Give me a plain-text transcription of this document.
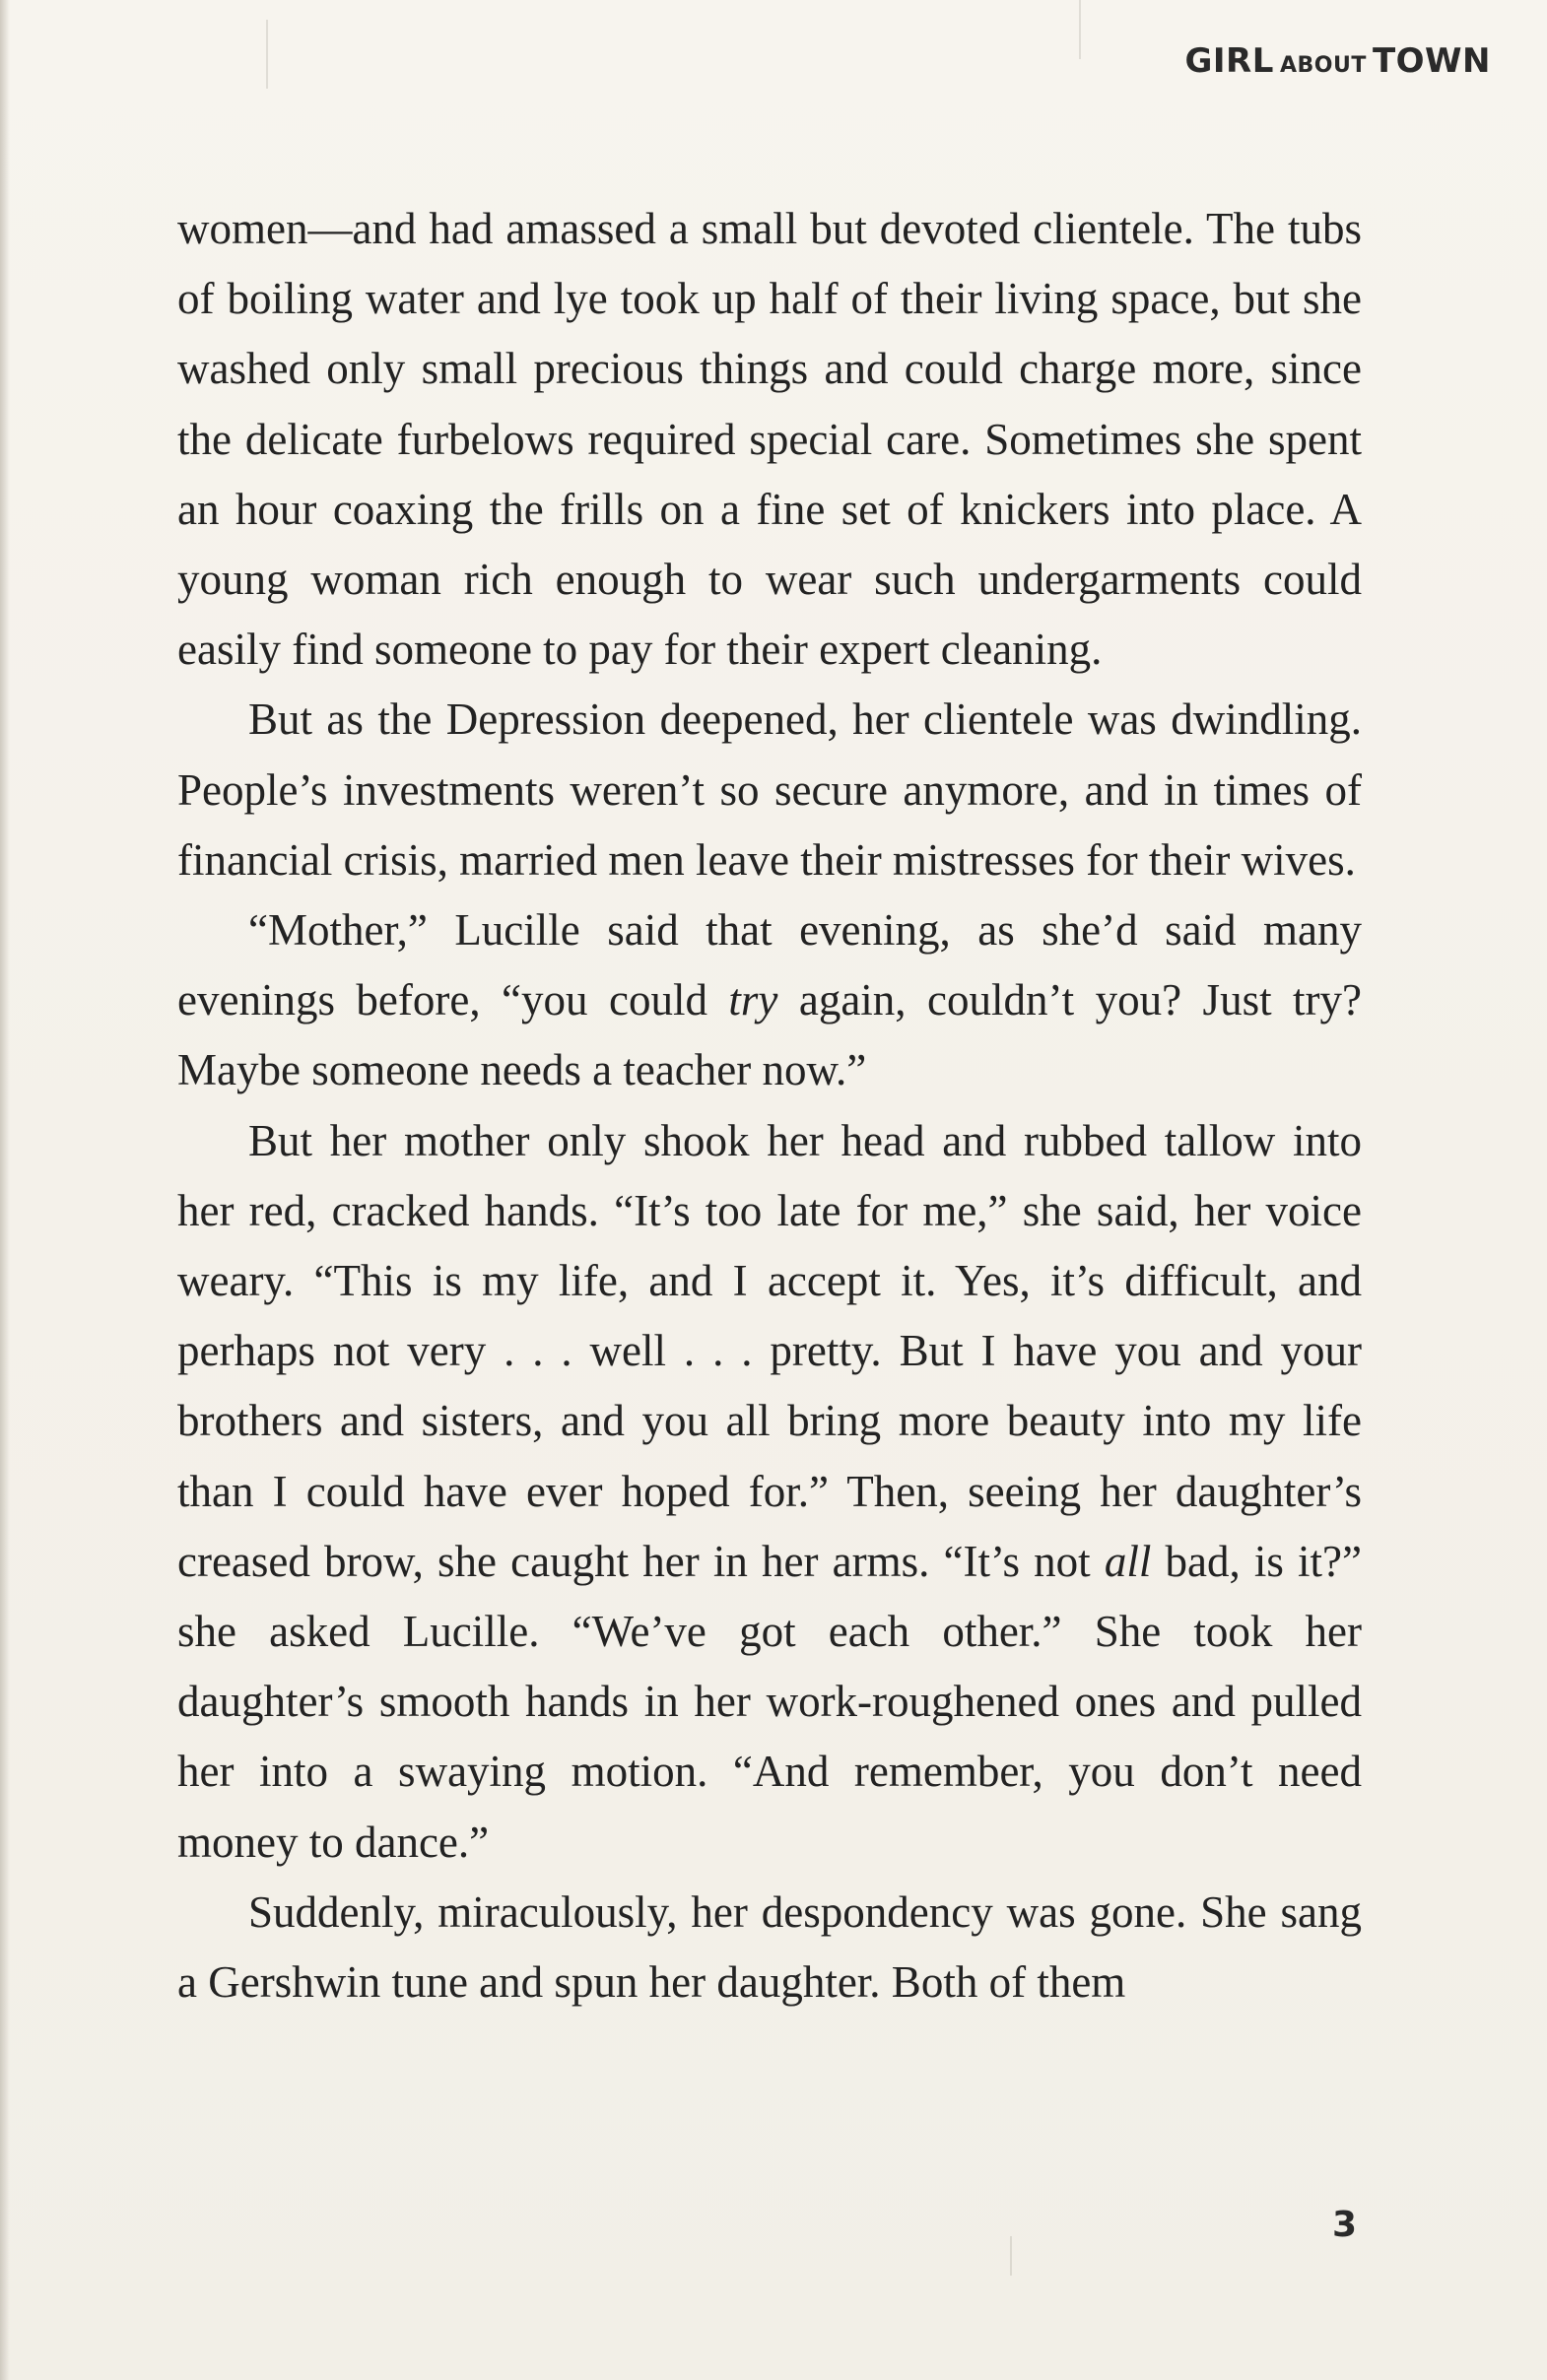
GIRL ABOUT TOWN

women—and had amassed a small but devoted clientele. The tubs of boiling water and lye took up half of their living space, but she washed only small precious things and could charge more, since the delicate furbelows required special care. Sometimes she spent an hour coaxing the frills on a fine set of knickers into place. A young woman rich enough to wear such undergarments could easily find someone to pay for their expert cleaning.

But as the Depression deepened, her clientele was dwindling. People’s investments weren’t so secure anymore, and in times of financial crisis, married men leave their mistresses for their wives.

“Mother,” Lucille said that evening, as she’d said many evenings before, “you could try again, couldn’t you? Just try? Maybe someone needs a teacher now.”

But her mother only shook her head and rubbed tallow into her red, cracked hands. “It’s too late for me,” she said, her voice weary. “This is my life, and I accept it. Yes, it’s difficult, and perhaps not very . . . well . . . pretty. But I have you and your brothers and sisters, and you all bring more beauty into my life than I could have ever hoped for.” Then, seeing her daughter’s creased brow, she caught her in her arms. “It’s not all bad, is it?” she asked Lucille. “We’ve got each other.” She took her daughter’s smooth hands in her work-roughened ones and pulled her into a swaying motion. “And remember, you don’t need money to dance.”

Suddenly, miraculously, her despondency was gone. She sang a Gershwin tune and spun her daughter. Both of them

3
